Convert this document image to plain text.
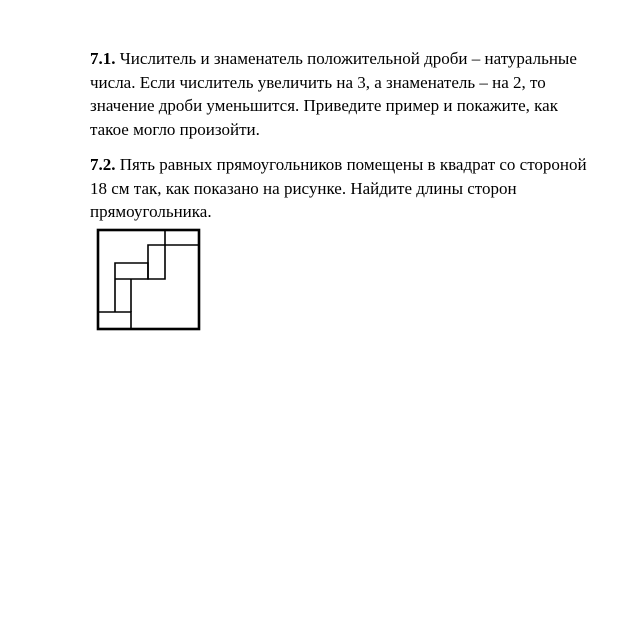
7.1. Числитель и знаменатель положительной дроби – натуральные числа. Если числитель увеличить на 3, а знаменатель – на 2, то значение дроби уменьшится. Приведите пример и покажите, как такое могло произойти.

7.2. Пять равных прямоугольников помещены в квадрат со стороной 18 см так, как показано на рисунке. Найдите длины сторон прямоугольника.
